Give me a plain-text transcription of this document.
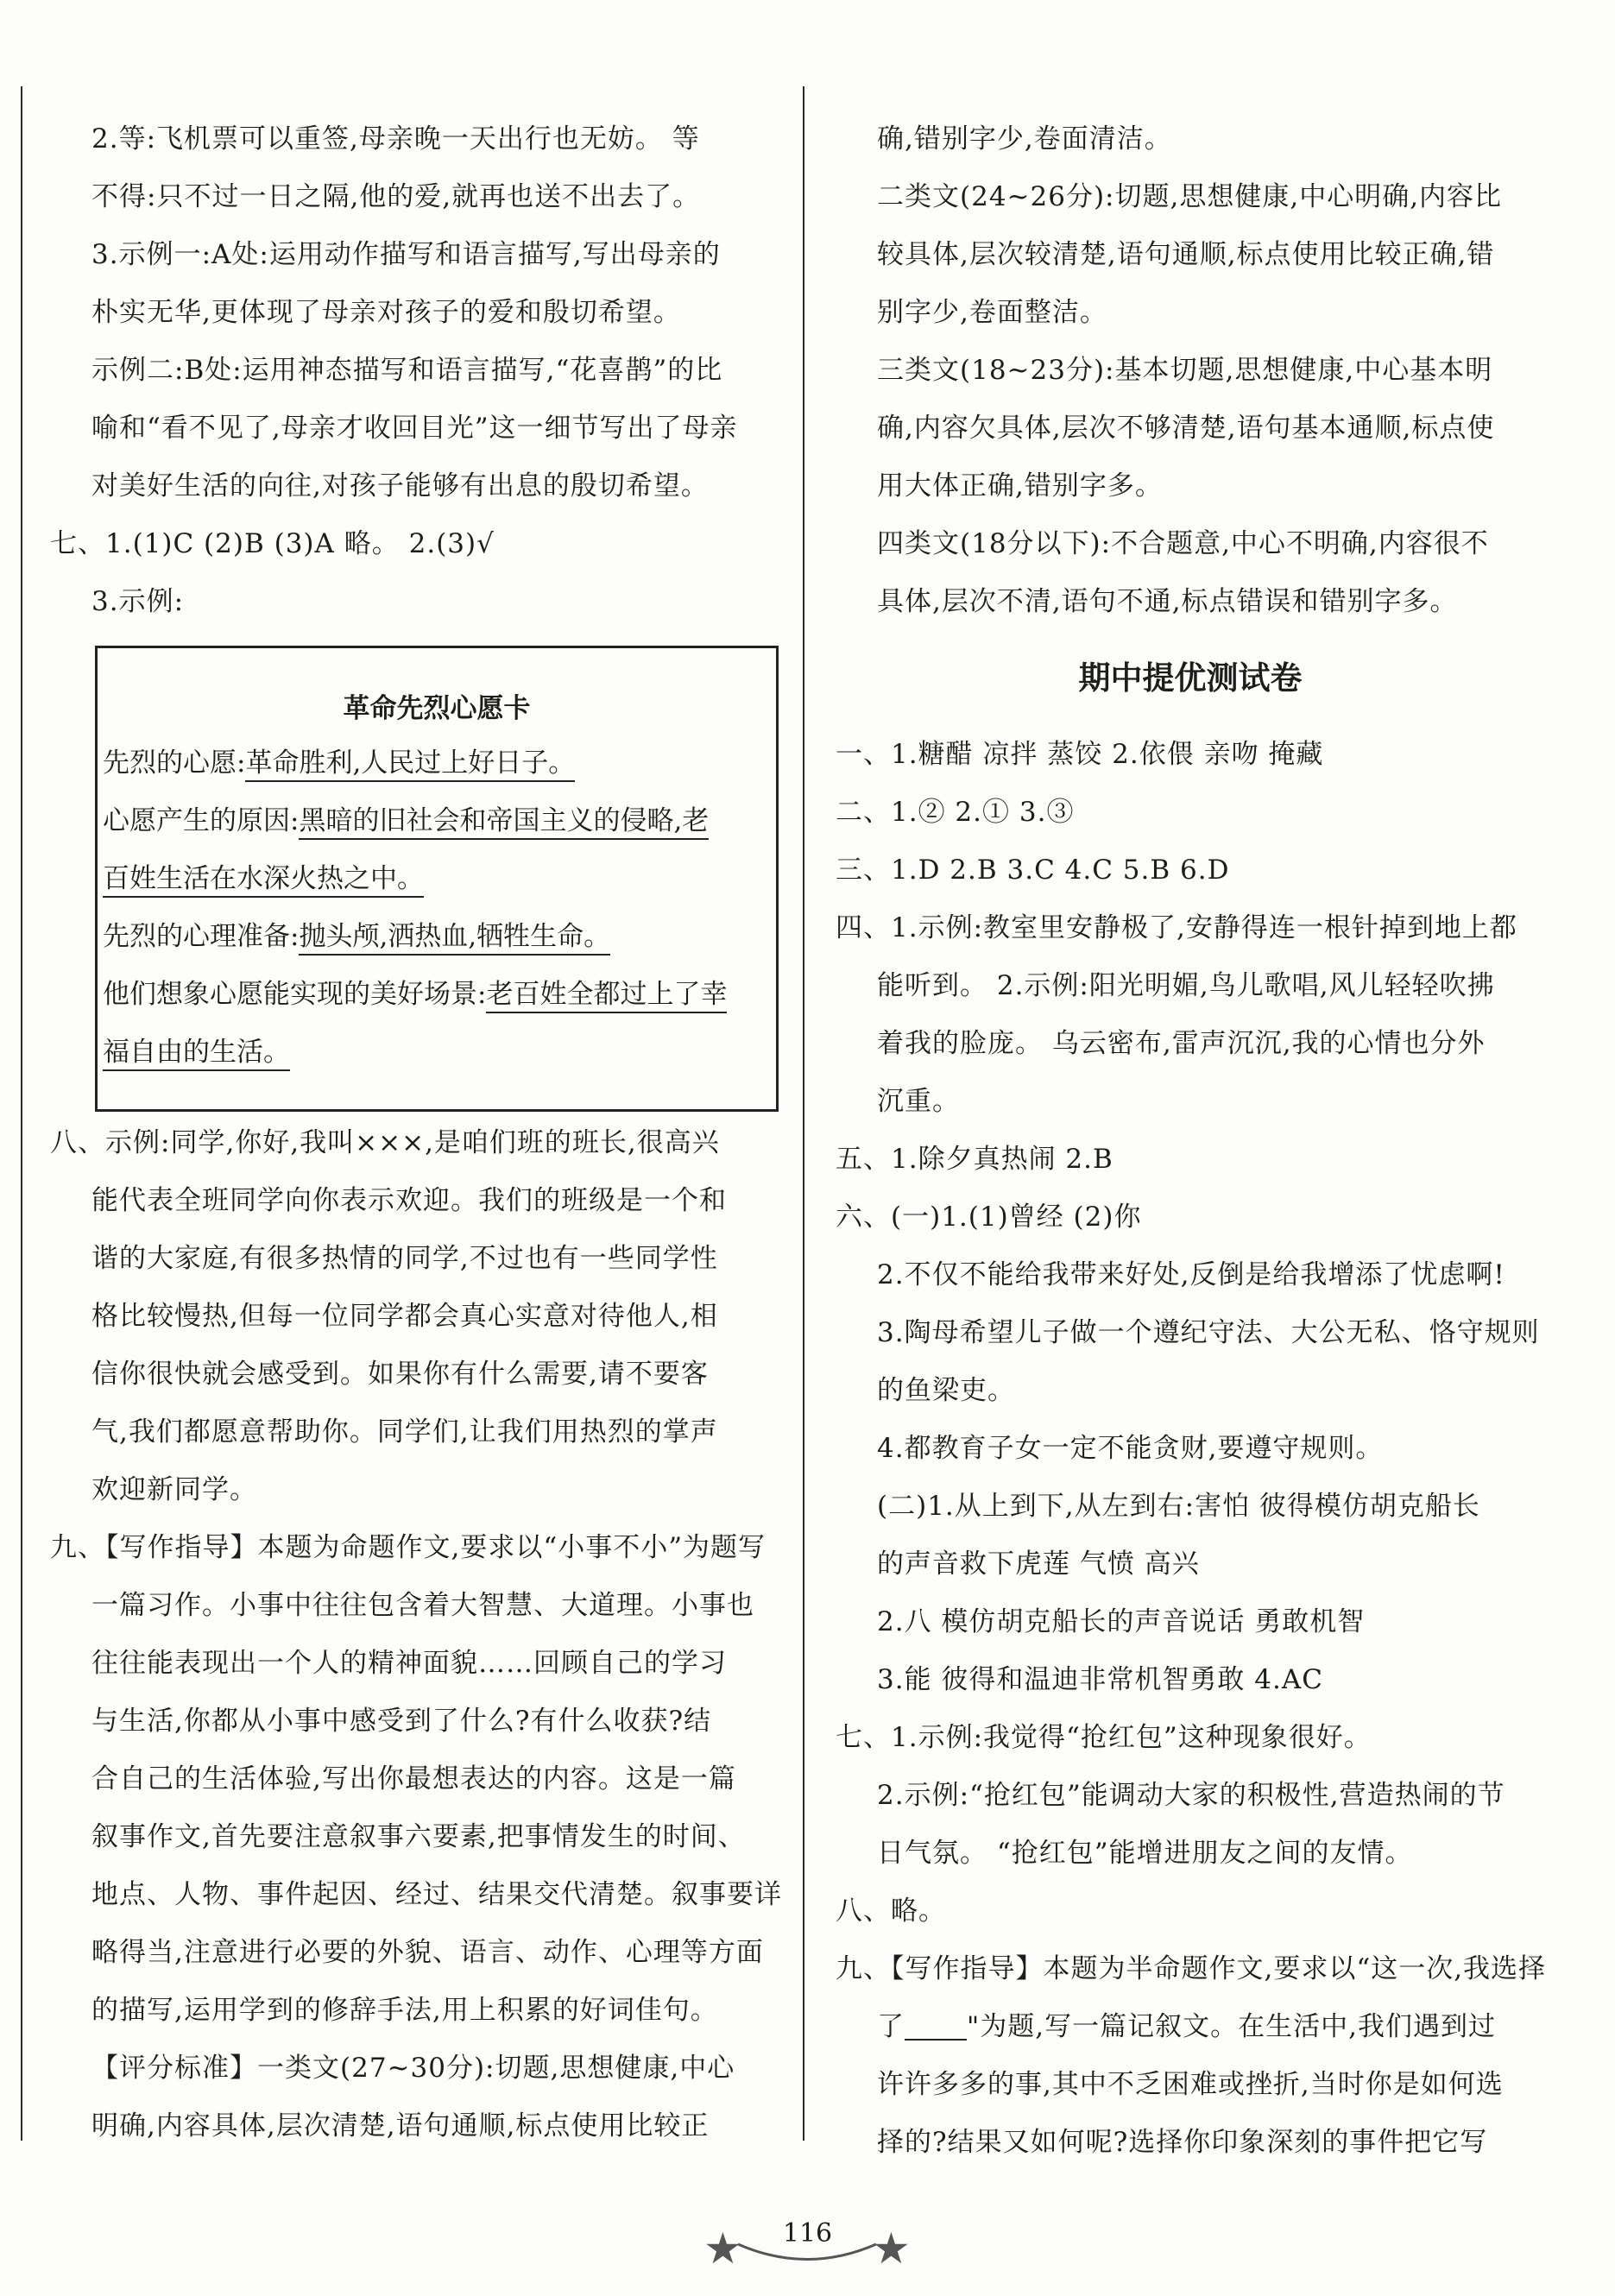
2.等:飞机票可以重签,母亲晚一天出行也无妨。 等
不得:只不过一日之隔,他的爱,就再也送不出去了。
3.示例一:A处:运用动作描写和语言描写,写出母亲的
朴实无华,更体现了母亲对孩子的爱和殷切希望。
示例二:B处:运用神态描写和语言描写,“花喜鹊”的比
喻和“看不见了,母亲才收回目光”这一细节写出了母亲
对美好生活的向往,对孩子能够有出息的殷切希望。
七、1.(1)C (2)B (3)A 略。 2.(3)√
3.示例:
八、示例:同学,你好,我叫×××,是咱们班的班长,很高兴
能代表全班同学向你表示欢迎。我们的班级是一个和
谐的大家庭,有很多热情的同学,不过也有一些同学性
格比较慢热,但每一位同学都会真心实意对待他人,相
信你很快就会感受到。如果你有什么需要,请不要客
气,我们都愿意帮助你。同学们,让我们用热烈的掌声
欢迎新同学。
九、【写作指导】本题为命题作文,要求以“小事不小”为题写
一篇习作。小事中往往包含着大智慧、大道理。小事也
往往能表现出一个人的精神面貌……回顾自己的学习
与生活,你都从小事中感受到了什么?有什么收获?结
合自己的生活体验,写出你最想表达的内容。这是一篇
叙事作文,首先要注意叙事六要素,把事情发生的时间、
地点、人物、事件起因、经过、结果交代清楚。叙事要详
略得当,注意进行必要的外貌、语言、动作、心理等方面
的描写,运用学到的修辞手法,用上积累的好词佳句。
【评分标准】一类文(27~30分):切题,思想健康,中心
明确,内容具体,层次清楚,语句通顺,标点使用比较正
革命先烈心愿卡
先烈的心愿:革命胜利,人民过上好日子。
心愿产生的原因:黑暗的旧社会和帝国主义的侵略,老
百姓生活在水深火热之中。
先烈的心理准备:抛头颅,洒热血,牺牲生命。
他们想象心愿能实现的美好场景:老百姓全都过上了幸
福自由的生活。
确,错别字少,卷面清洁。
二类文(24~26分):切题,思想健康,中心明确,内容比
较具体,层次较清楚,语句通顺,标点使用比较正确,错
别字少,卷面整洁。
三类文(18~23分):基本切题,思想健康,中心基本明
确,内容欠具体,层次不够清楚,语句基本通顺,标点使
用大体正确,错别字多。
四类文(18分以下):不合题意,中心不明确,内容很不
具体,层次不清,语句不通,标点错误和错别字多。
期中提优测试卷
一、1.糖醋 凉拌 蒸饺 2.依偎 亲吻 掩藏
二、1.② 2.① 3.③
三、1.D 2.B 3.C 4.C 5.B 6.D
四、1.示例:教室里安静极了,安静得连一根针掉到地上都
能听到。 2.示例:阳光明媚,鸟儿歌唱,风儿轻轻吹拂
着我的脸庞。 乌云密布,雷声沉沉,我的心情也分外
沉重。
五、1.除夕真热闹 2.B
六、(一)1.(1)曾经 (2)你
2.不仅不能给我带来好处,反倒是给我增添了忧虑啊!
3.陶母希望儿子做一个遵纪守法、大公无私、恪守规则
的鱼梁吏。
4.都教育子女一定不能贪财,要遵守规则。
(二)1.从上到下,从左到右:害怕 彼得模仿胡克船长
的声音救下虎莲 气愤 高兴
2.八 模仿胡克船长的声音说话 勇敢机智
3.能 彼得和温迪非常机智勇敢 4.AC
七、1.示例:我觉得“抢红包”这种现象很好。
2.示例:“抢红包”能调动大家的积极性,营造热闹的节
日气氛。 “抢红包”能增进朋友之间的友情。
八、略。
九、【写作指导】本题为半命题作文,要求以“这一次,我选择
了 "为题,写一篇记叙文。在生活中,我们遇到过
许许多多的事,其中不乏困难或挫折,当时你是如何选
择的?结果又如何呢?选择你印象深刻的事件把它写
★	★
116
